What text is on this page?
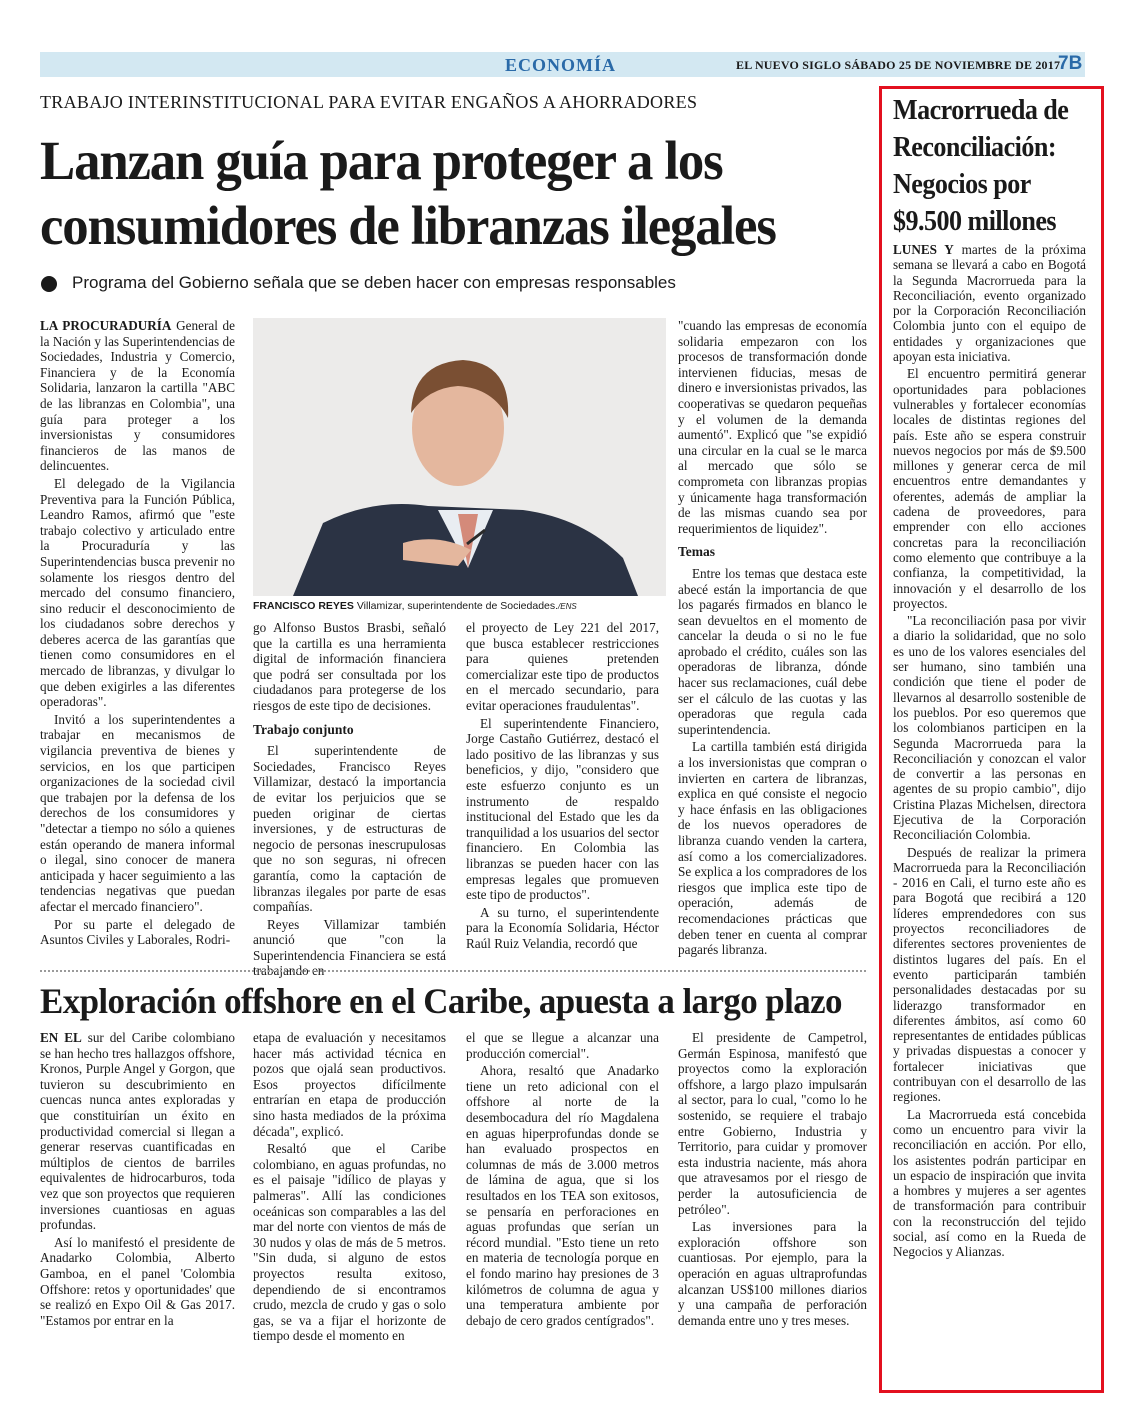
ECONOMÍA	EL NUEVO SIGLO SÁBADO 25 DE NOVIEMBRE DE 2017
7B
TRABAJO INTERINSTITUCIONAL PARA EVITAR ENGAÑOS A AHORRADORES
Lanzan guía para proteger a los consumidores de libranzas ilegales
Programa del Gobierno señala que se deben hacer con empresas responsables

LA PROCURADURÍA General de la Nación y las Superintendencias de Sociedades, Industria y Comercio, Financiera y de la Economía Solidaria, lanzaron la cartilla "ABC de las libranzas en Colombia", una guía para proteger a los inversionistas y consumidores financieros de las manos de delincuentes.

El delegado de la Vigilancia Preventiva para la Función Pública, Leandro Ramos, afirmó que "este trabajo colectivo y articulado entre la Procuraduría y las Superintendencias busca prevenir no solamente los riesgos dentro del mercado del consumo financiero, sino reducir el desconocimiento de los ciudadanos sobre derechos y deberes acerca de las garantías que tienen como consumidores en el mercado de libranzas, y divulgar lo que deben exigirles a las diferentes operadoras".

Invitó a los superintendentes a trabajar en mecanismos de vigilancia preventiva de bienes y servicios, en los que participen organizaciones de la sociedad civil que trabajen por la defensa de los derechos de los consumidores y "detectar a tiempo no sólo a quienes están operando de manera informal o ilegal, sino conocer de manera anticipada y hacer seguimiento a las tendencias negativas que puedan afectar el mercado financiero".

Por su parte el delegado de Asuntos Civiles y Laborales, Rodri-

FRANCISCO REYES Villamizar, superintendente de Sociedades./ENS

go Alfonso Bustos Brasbi, señaló que la cartilla es una herramienta digital de información financiera que podrá ser consultada por los ciudadanos para protegerse de los riesgos de este tipo de decisiones.

Trabajo conjunto

El superintendente de Sociedades, Francisco Reyes Villamizar, destacó la importancia de evitar los perjuicios que se pueden originar de ciertas inversiones, y de estructuras de negocio de personas inescrupulosas que no son seguras, ni ofrecen garantía, como la captación de libranzas ilegales por parte de esas compañías.

Reyes Villamizar también anunció que "con la Superintendencia Financiera se está trabajando en

el proyecto de Ley 221 del 2017, que busca establecer restricciones para quienes pretenden comercializar este tipo de productos en el mercado secundario, para evitar operaciones fraudulentas".

El superintendente Financiero, Jorge Castaño Gutiérrez, destacó el lado positivo de las libranzas y sus beneficios, y dijo, "considero que este esfuerzo conjunto es un instrumento de respaldo institucional del Estado que les da tranquilidad a los usuarios del sector financiero. En Colombia las libranzas se pueden hacer con las empresas legales que promueven este tipo de productos".

A su turno, el superintendente para la Economía Solidaria, Héctor Raúl Ruiz Velandia, recordó que

"cuando las empresas de economía solidaria empezaron con los procesos de transformación donde intervienen fiducias, mesas de dinero e inversionistas privados, las cooperativas se quedaron pequeñas y el volumen de la demanda aumentó". Explicó que "se expidió una circular en la cual se le marca al mercado que sólo se comprometa con libranzas propias y únicamente haga transformación de las mismas cuando sea por requerimientos de liquidez".

Temas

Entre los temas que destaca este abecé están la importancia de que los pagarés firmados en blanco le sean devueltos en el momento de cancelar la deuda o si no le fue aprobado el crédito, cuáles son las operadoras de libranza, dónde hacer sus reclamaciones, cuál debe ser el cálculo de las cuotas y las operadoras que regula cada superintendencia.

La cartilla también está dirigida a los inversionistas que compran o invierten en cartera de libranzas, explica en qué consiste el negocio y hace énfasis en las obligaciones de los nuevos operadores de libranza cuando venden la cartera, así como a los comercializadores. Se explica a los compradores de los riesgos que implica este tipo de operación, además de recomendaciones prácticas que deben tener en cuenta al comprar pagarés libranza.

Exploración offshore en el Caribe, apuesta a largo plazo

EN EL sur del Caribe colombiano se han hecho tres hallazgos offshore, Kronos, Purple Angel y Gorgon, que tuvieron su descubrimiento en cuencas nunca antes exploradas y que constituirían un éxito en productividad comercial si llegan a generar reservas cuantificadas en múltiplos de cientos de barriles equivalentes de hidrocarburos, toda vez que son proyectos que requieren inversiones cuantiosas en aguas profundas.

Así lo manifestó el presidente de Anadarko Colombia, Alberto Gamboa, en el panel 'Colombia Offshore: retos y oportunidades' que se realizó en Expo Oil & Gas 2017. "Estamos por entrar en la

etapa de evaluación y necesitamos hacer más actividad técnica en pozos que ojalá sean productivos. Esos proyectos difícilmente entrarían en etapa de producción sino hasta mediados de la próxima década", explicó.

Resaltó que el Caribe colombiano, en aguas profundas, no es el paisaje "idílico de playas y palmeras". Allí las condiciones oceánicas son comparables a las del mar del norte con vientos de más de 30 nudos y olas de más de 5 metros. "Sin duda, si alguno de estos proyectos resulta exitoso, dependiendo de si encontramos crudo, mezcla de crudo y gas o solo gas, se va a fijar el horizonte de tiempo desde el momento en

el que se llegue a alcanzar una producción comercial".

Ahora, resaltó que Anadarko tiene un reto adicional con el offshore al norte de la desembocadura del río Magdalena en aguas hiperprofundas donde se han evaluado prospectos en columnas de más de 3.000 metros de lámina de agua, que si los resultados en los TEA son exitosos, se pensaría en perforaciones en aguas profundas que serían un récord mundial. "Esto tiene un reto en materia de tecnología porque en el fondo marino hay presiones de 3 kilómetros de columna de agua y una temperatura ambiente por debajo de cero grados centígrados".

El presidente de Campetrol, Germán Espinosa, manifestó que proyectos como la exploración offshore, a largo plazo impulsarán al sector, para lo cual, "como lo he sostenido, se requiere el trabajo entre Gobierno, Industria y Territorio, para cuidar y promover esta industria naciente, más ahora que atravesamos por el riesgo de perder la autosuficiencia de petróleo".

Las inversiones para la exploración offshore son cuantiosas. Por ejemplo, para la operación en aguas ultraprofundas alcanzan US$100 millones diarios y una campaña de perforación demanda entre uno y tres meses.

Macrorrueda de Reconciliación: Negocios por $9.500 millones

LUNES Y martes de la próxima semana se llevará a cabo en Bogotá la Segunda Macrorrueda para la Reconciliación, evento organizado por la Corporación Reconciliación Colombia junto con el equipo de entidades y organizaciones que apoyan esta iniciativa.

El encuentro permitirá generar oportunidades para poblaciones vulnerables y fortalecer economías locales de distintas regiones del país. Este año se espera construir nuevos negocios por más de $9.500 millones y generar cerca de mil encuentros entre demandantes y oferentes, además de ampliar la cadena de proveedores, para emprender con ello acciones concretas para la reconciliación como elemento que contribuye a la confianza, la competitividad, la innovación y el desarrollo de los proyectos.

"La reconciliación pasa por vivir a diario la solidaridad, que no solo es uno de los valores esenciales del ser humano, sino también una condición que tiene el poder de llevarnos al desarrollo sostenible de los pueblos. Por eso queremos que los colombianos participen en la Segunda Macrorrueda para la Reconciliación y conozcan el valor de convertir a las personas en agentes de su propio cambio", dijo Cristina Plazas Michelsen, directora Ejecutiva de la Corporación Reconciliación Colombia.

Después de realizar la primera Macrorrueda para la Reconciliación - 2016 en Cali, el turno este año es para Bogotá que recibirá a 120 líderes emprendedores con sus proyectos reconciliadores de diferentes sectores provenientes de distintos lugares del país. En el evento participarán también personalidades destacadas por su liderazgo transformador en diferentes ámbitos, así como 60 representantes de entidades públicas y privadas dispuestas a conocer y fortalecer iniciativas que contribuyan con el desarrollo de las regiones.

La Macrorrueda está concebida como un encuentro para vivir la reconciliación en acción. Por ello, los asistentes podrán participar en un espacio de inspiración que invita a hombres y mujeres a ser agentes de transformación para contribuir con la reconstrucción del tejido social, así como en la Rueda de Negocios y Alianzas.
